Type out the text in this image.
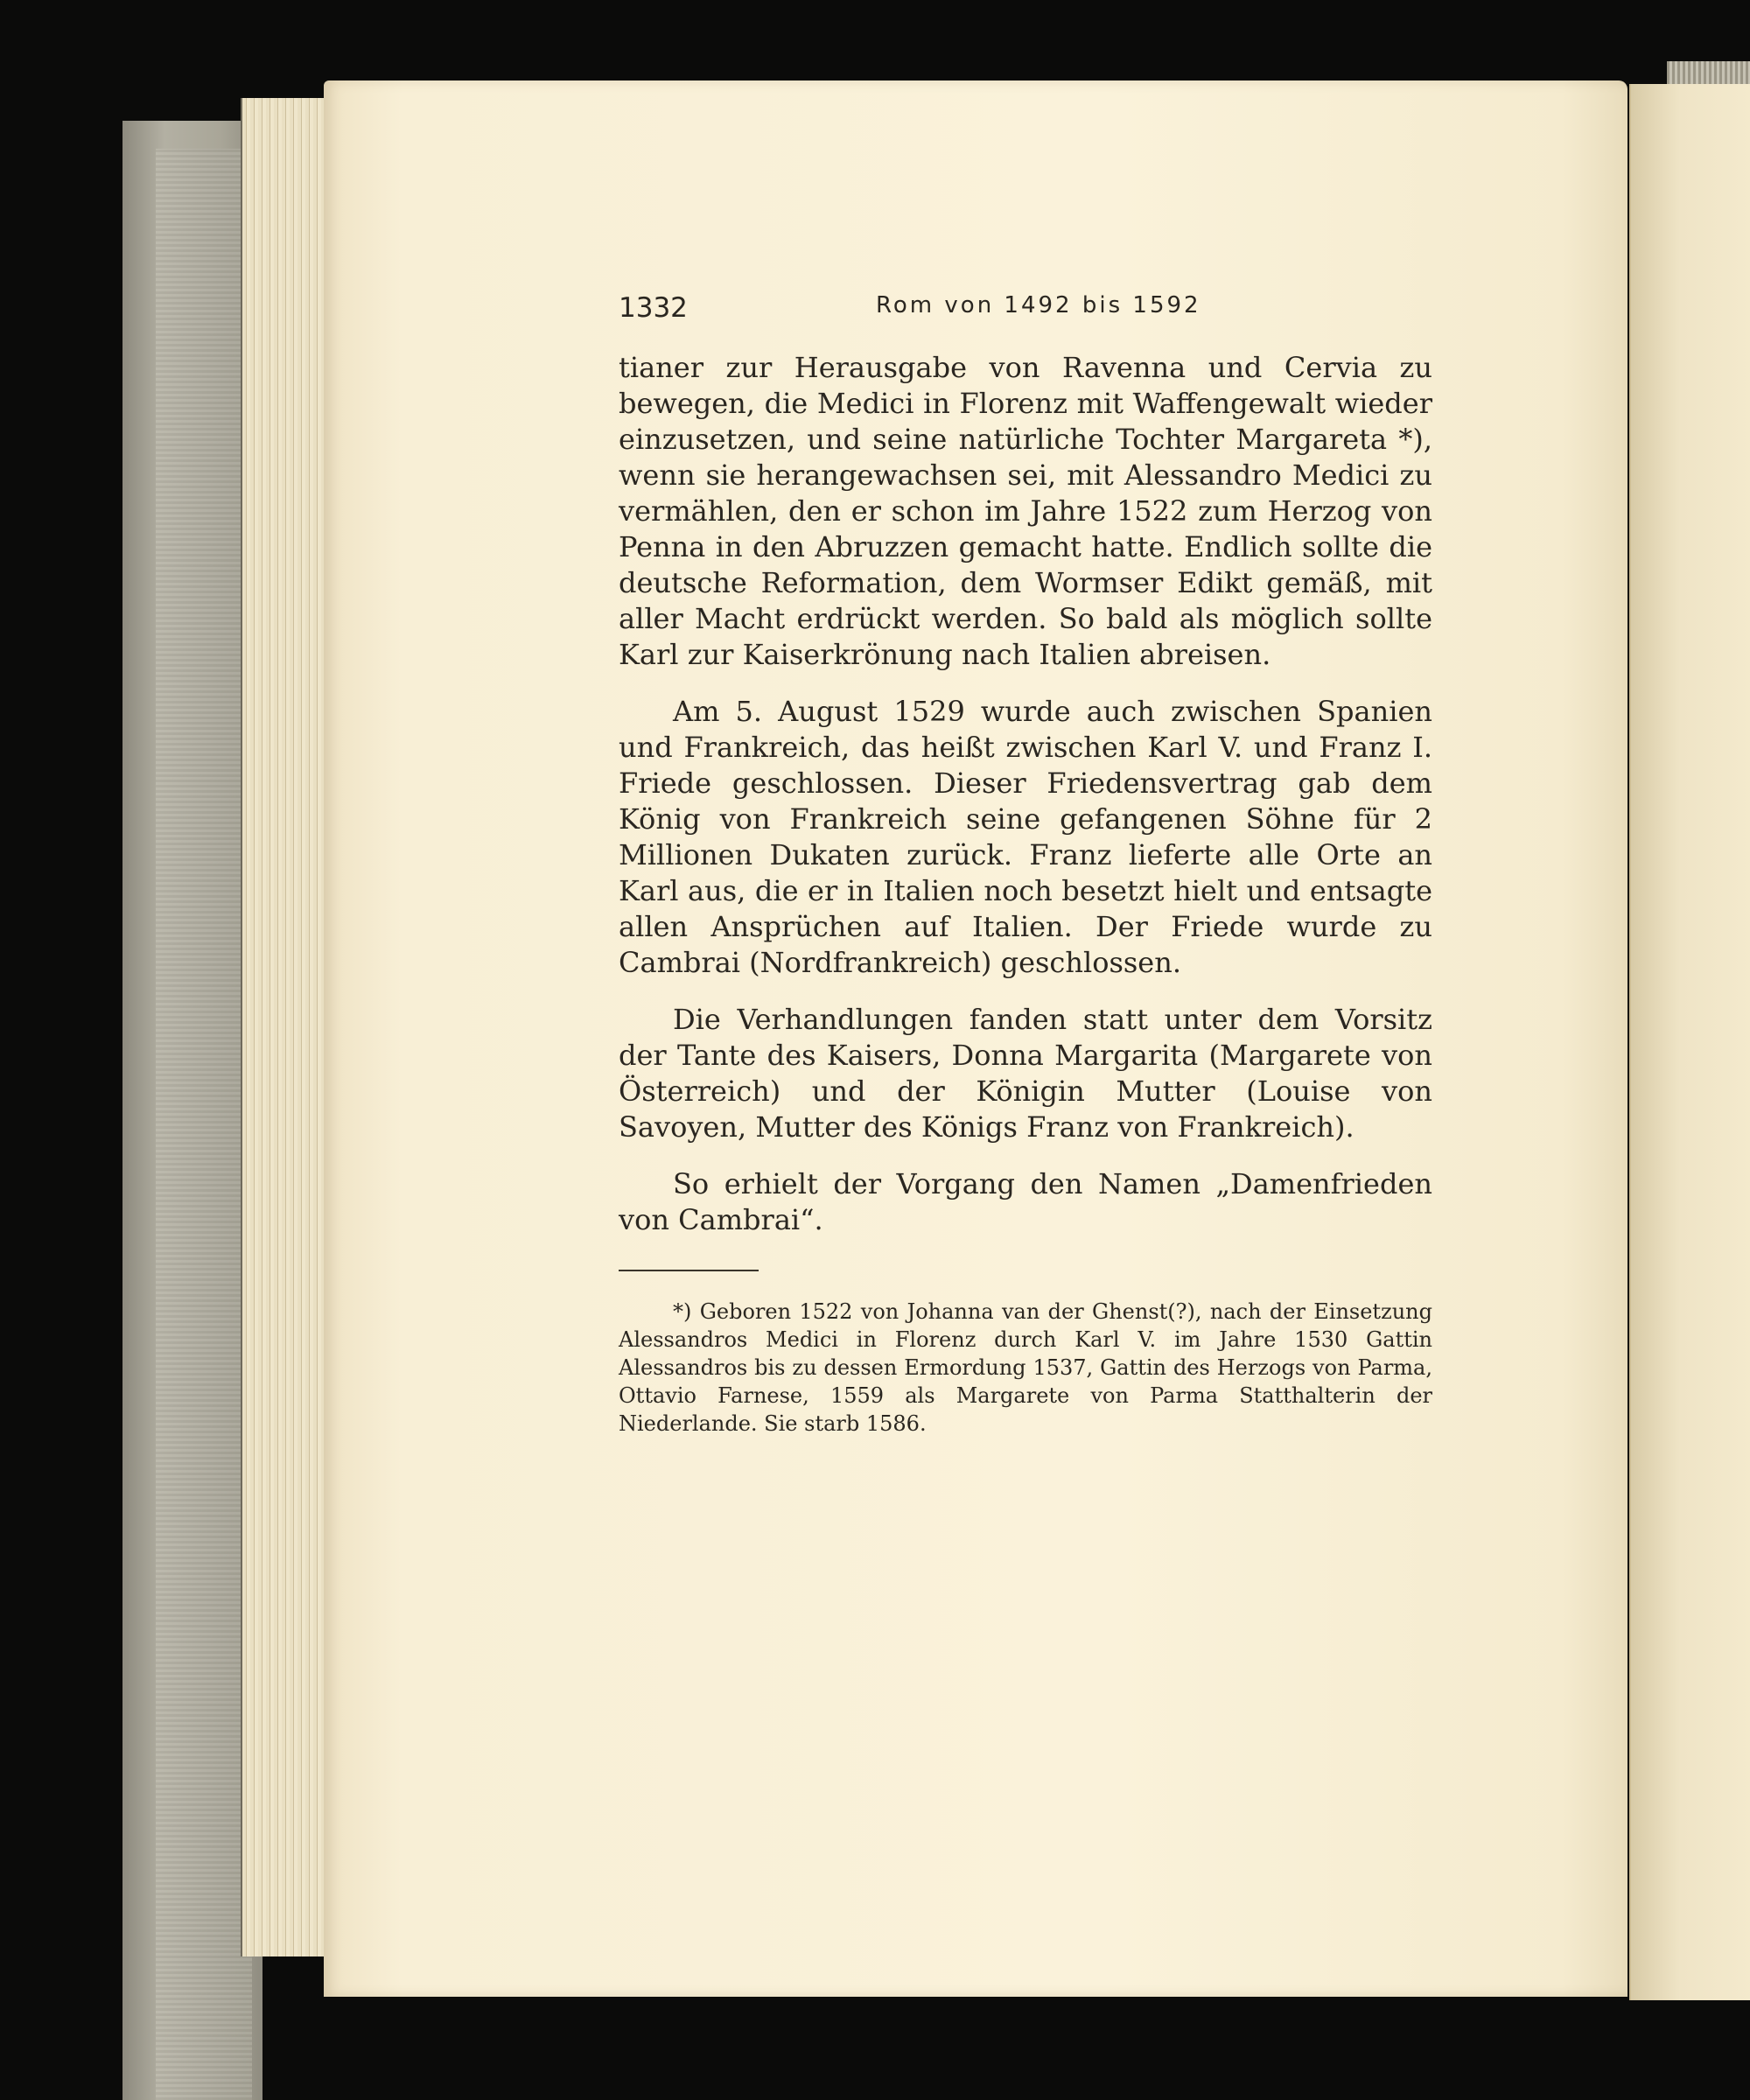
1332	Rom von 1492 bis 1592

tianer zur Herausgabe von Ravenna und Cervia zu bewegen, die Medici in Florenz mit Waffengewalt wieder einzusetzen, und seine natürliche Tochter Margareta *), wenn sie herangewachsen sei, mit Alessandro Medici zu vermählen, den er schon im Jahre 1522 zum Herzog von Penna in den Abruzzen gemacht hatte. Endlich sollte die deutsche Reformation, dem Wormser Edikt gemäß, mit aller Macht erdrückt werden. So bald als möglich sollte Karl zur Kaiserkrönung nach Italien abreisen.

Am 5. August 1529 wurde auch zwischen Spanien und Frankreich, das heißt zwischen Karl V. und Franz I. Friede geschlossen. Dieser Friedensvertrag gab dem König von Frankreich seine gefangenen Söhne für 2 Millionen Dukaten zurück. Franz lieferte alle Orte an Karl aus, die er in Italien noch besetzt hielt und entsagte allen Ansprüchen auf Italien. Der Friede wurde zu Cambrai (Nordfrankreich) geschlossen.

Die Verhandlungen fanden statt unter dem Vorsitz der Tante des Kaisers, Donna Margarita (Margarete von Österreich) und der Königin Mutter (Louise von Savoyen, Mutter des Königs Franz von Frankreich).

So erhielt der Vorgang den Namen „Damenfrieden von Cambrai“.

*) Geboren 1522 von Johanna van der Ghenst(?), nach der Einsetzung Alessandros Medici in Florenz durch Karl V. im Jahre 1530 Gattin Alessandros bis zu dessen Ermordung 1537, Gattin des Herzogs von Parma, Ottavio Farnese, 1559 als Margarete von Parma Statthalterin der Niederlande. Sie starb 1586.
